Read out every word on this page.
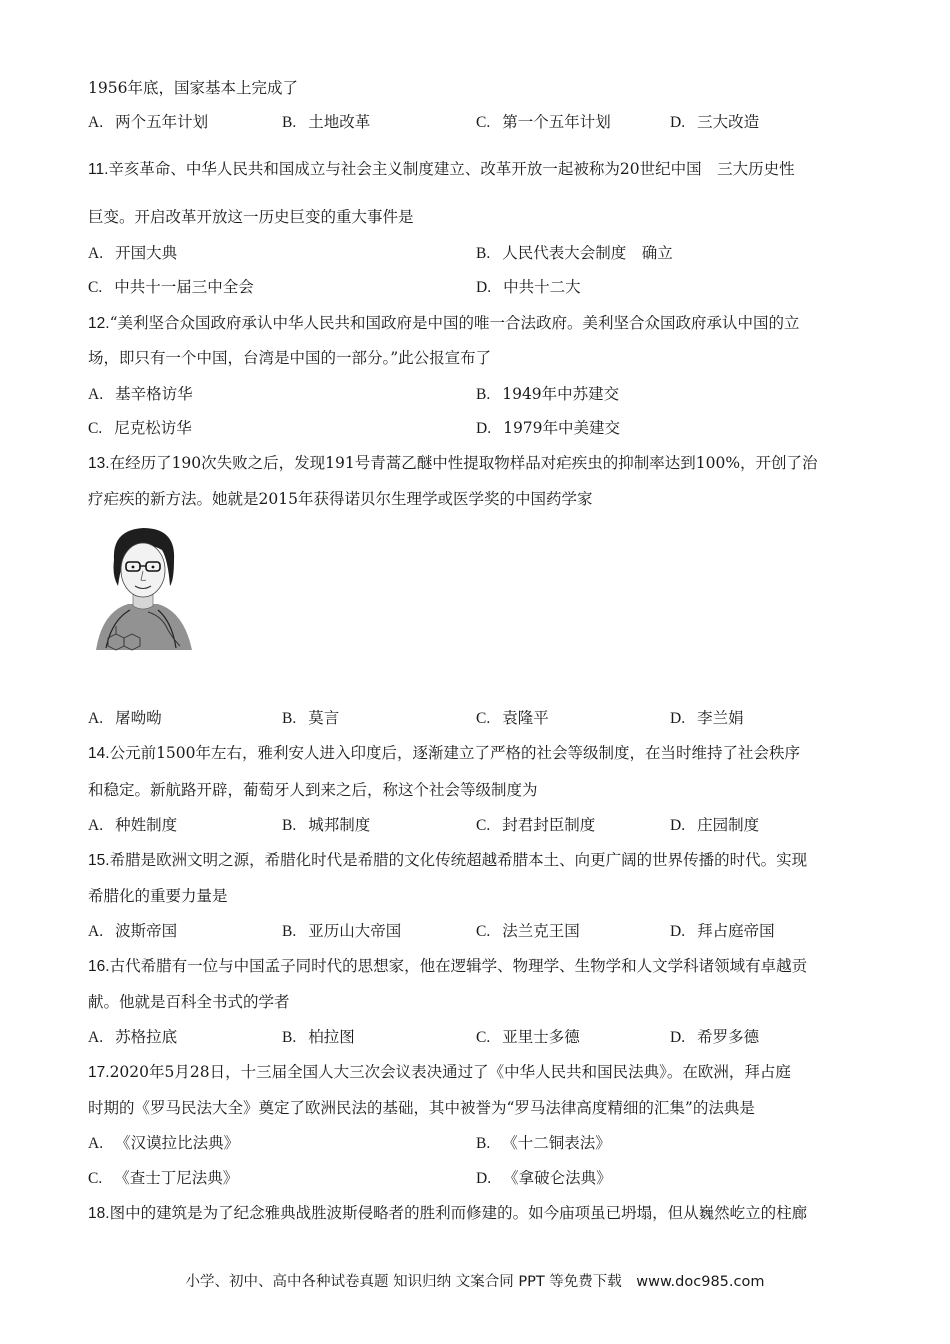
1956年底，国家基本上完成了
A. 两个五年计划	B. 土地改革	C. 第一个五年计划	D. 三大改造
11.辛亥革命、中华人民共和国成立与社会主义制度建立、改革开放一起被称为20世纪中国　三大历史性
巨变。开启改革开放这一历史巨变的重大事件是
A. 开国大典	B. 人民代表大会制度　确立
C. 中共十一届三中全会	D. 中共十二大
12.“美利坚合众国政府承认中华人民共和国政府是中国的唯一合法政府。美利坚合众国政府承认中国的立
场，即只有一个中国，台湾是中国的一部分。”此公报宣布了
A. 基辛格访华	B. 1949年中苏建交
C. 尼克松访华	D. 1979年中美建交
13.在经历了190次失败之后，发现191号青蒿乙醚中性提取物样品对疟疾虫的抑制率达到100%，开创了治
疗疟疾的新方法。她就是2015年获得诺贝尔生理学或医学奖的中国药学家
A. 屠呦呦	B. 莫言	C. 袁隆平	D. 李兰娟
14.公元前1500年左右，雅利安人进入印度后，逐渐建立了严格的社会等级制度，在当时维持了社会秩序
和稳定。新航路开辟，葡萄牙人到来之后，称这个社会等级制度为
A. 种姓制度	B. 城邦制度	C. 封君封臣制度	D. 庄园制度
15.希腊是欧洲文明之源，希腊化时代是希腊的文化传统超越希腊本土、向更广阔的世界传播的时代。实现
希腊化的重要力量是
A. 波斯帝国	B. 亚历山大帝国	C. 法兰克王国	D. 拜占庭帝国
16.古代希腊有一位与中国孟子同时代的思想家，他在逻辑学、物理学、生物学和人文学科诸领域有卓越贡
献。他就是百科全书式的学者
A. 苏格拉底	B. 柏拉图	C. 亚里士多德	D. 希罗多德
17.2020年5月28日，十三届全国人大三次会议表决通过了《中华人民共和国民法典》。在欧洲，拜占庭
时期的《罗马民法大全》奠定了欧洲民法的基础，其中被誉为“罗马法律高度精细的汇集”的法典是
A. 《汉谟拉比法典》	B. 《十二铜表法》
C. 《查士丁尼法典》	D. 《拿破仑法典》
18.图中的建筑是为了纪念雅典战胜波斯侵略者的胜利而修建的。如今庙项虽已坍塌，但从巍然屹立的柱廊
小学、初中、高中各种试卷真题 知识归纳 文案合同 PPT 等免费下载　www.doc985.com
